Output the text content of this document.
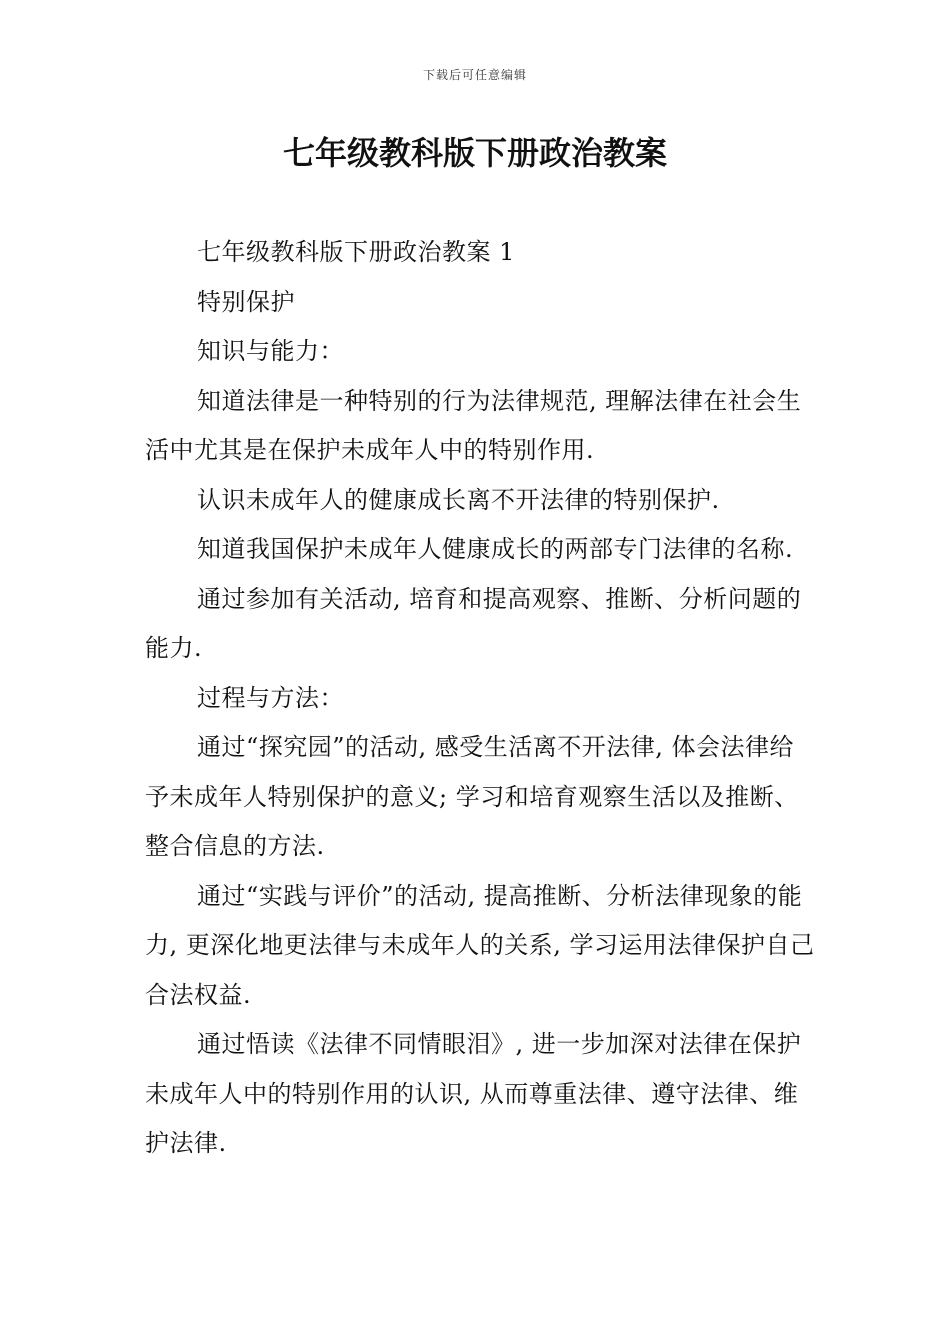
下载后可任意编辑
七年级教科版下册政治教案

七年级教科版下册政治教案 1

特别保护

知识与能力：

知道法律是一种特别的行为法律规范, 理解法律在社会生活中尤其是在保护未成年人中的特别作用.

认识未成年人的健康成长离不开法律的特别保护.

知道我国保护未成年人健康成长的两部专门法律的名称.

通过参加有关活动, 培育和提高观察、推断、分析问题的能力.

过程与方法：

通过“探究园”的活动, 感受生活离不开法律, 体会法律给予未成年人特别保护的意义; 学习和培育观察生活以及推断、整合信息的方法.

通过“实践与评价”的活动, 提高推断、分析法律现象的能力, 更深化地更法律与未成年人的关系, 学习运用法律保护自己合法权益.

通过悟读《法律不同情眼泪》, 进一步加深对法律在保护未成年人中的特别作用的认识, 从而尊重法律、遵守法律、维护法律.
